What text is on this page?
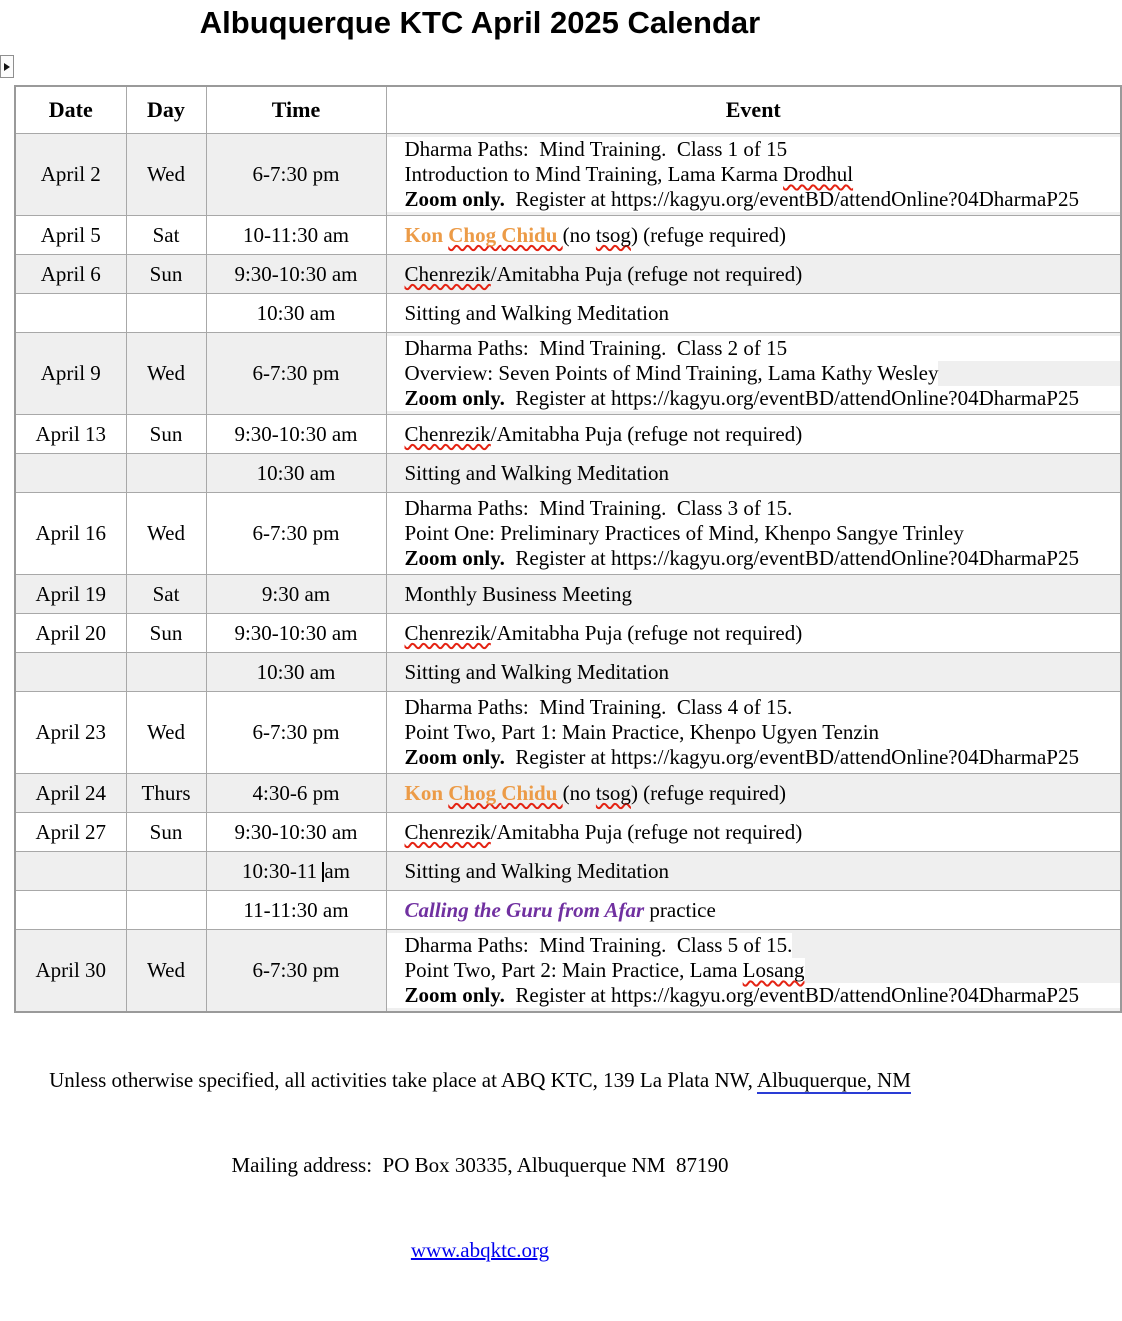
Albuquerque KTC April 2025 Calendar
Date	Day	Time	Event
April 2	Wed	6-7:30 pm	Dharma Paths:  Mind Training.  Class 1 of 15
Introduction to Mind Training, Lama Karma Drodhul
Zoom only.  Register at https://kagyu.org/eventBD/attendOnline?04DharmaP25

April 5	Sat	10-11:30 am	Kon Chog Chidu (no tsog) (refuge required)

April 6	Sun	9:30-10:30 am	Chenrezik/Amitabha Puja (refuge not required)

		10:30 am	Sitting and Walking Meditation

April 9	Wed	6-7:30 pm	Dharma Paths:  Mind Training.  Class 2 of 15
Overview: Seven Points of Mind Training, Lama Kathy Wesley
Zoom only.  Register at https://kagyu.org/eventBD/attendOnline?04DharmaP25

April 13	Sun	9:30-10:30 am	Chenrezik/Amitabha Puja (refuge not required)

		10:30 am	Sitting and Walking Meditation

April 16	Wed	6-7:30 pm	Dharma Paths:  Mind Training.  Class 3 of 15.
Point One: Preliminary Practices of Mind, Khenpo Sangye Trinley
Zoom only.  Register at https://kagyu.org/eventBD/attendOnline?04DharmaP25

April 19	Sat	9:30 am	Monthly Business Meeting

April 20	Sun	9:30-10:30 am	Chenrezik/Amitabha Puja (refuge not required)

		10:30 am	Sitting and Walking Meditation

April 23	Wed	6-7:30 pm	Dharma Paths:  Mind Training.  Class 4 of 15.
Point Two, Part 1: Main Practice, Khenpo Ugyen Tenzin
Zoom only.  Register at https://kagyu.org/eventBD/attendOnline?04DharmaP25

April 24	Thurs	4:30-6 pm	Kon Chog Chidu (no tsog) (refuge required)

April 27	Sun	9:30-10:30 am	Chenrezik/Amitabha Puja (refuge not required)

		10:30-11 am	Sitting and Walking Meditation

		11-11:30 am	Calling the Guru from Afar practice

April 30	Wed	6-7:30 pm	Dharma Paths:  Mind Training.  Class 5 of 15.
Point Two, Part 2: Main Practice, Lama Losang
Zoom only.  Register at https://kagyu.org/eventBD/attendOnline?04DharmaP25

Unless otherwise specified, all activities take place at ABQ KTC, 139 La Plata NW, Albuquerque, NM

Mailing address:  PO Box 30335, Albuquerque NM  87190

www.abqktc.org
